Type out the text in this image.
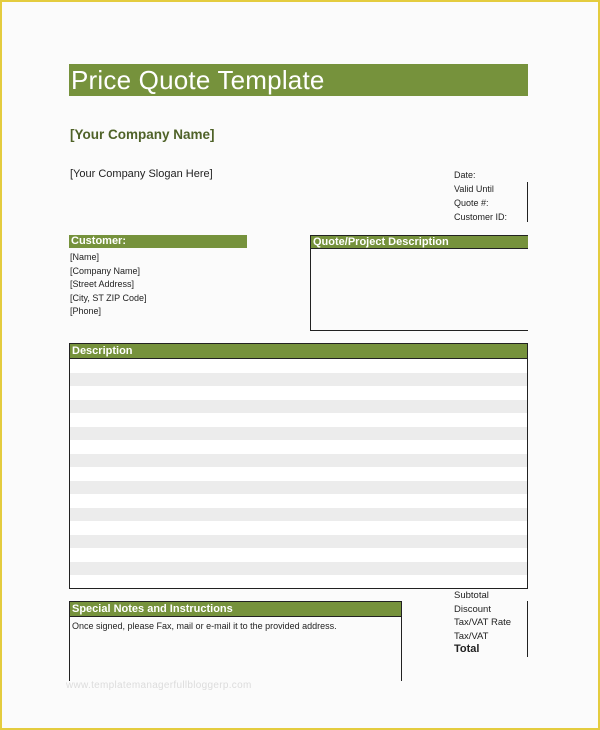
Price Quote Template
[Your Company Name]
[Your Company Slogan Here]	Date:
Valid Until
Quote #:
Customer ID:
Customer:
[Name]
[Company Name]
[Street Address]
[City, ST ZIP Code]
[Phone]
Quote/Project Description
Description
Special Notes and Instructions
Once signed, please Fax, mail or e-mail it to the provided address.
Subtotal
Discount
Tax/VAT Rate
Tax/VAT
Total
www.templatemanagerfullbloggerp.com
